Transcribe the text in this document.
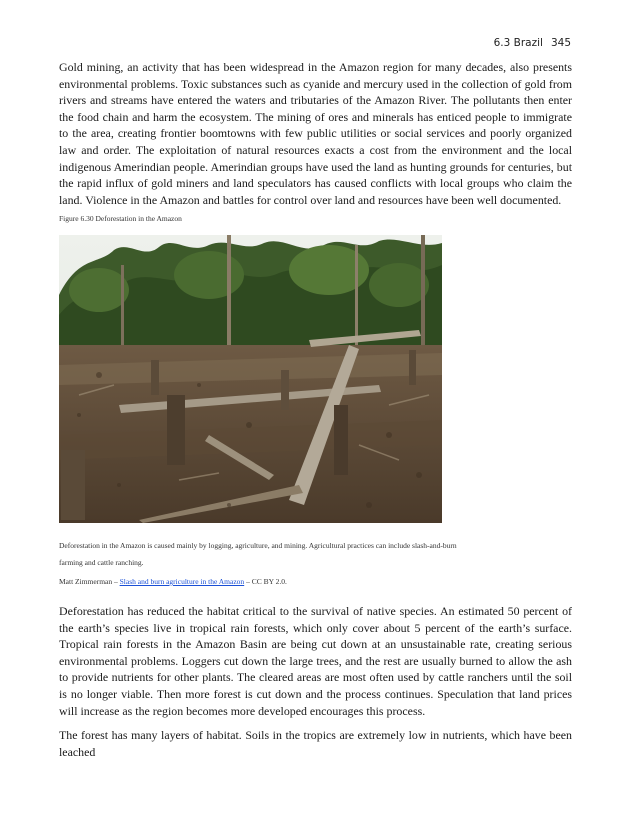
6.3 Brazil 345

Gold mining, an activity that has been widespread in the Amazon region for many decades, also presents environmental problems. Toxic substances such as cyanide and mercury used in the collection of gold from rivers and streams have entered the waters and tributaries of the Amazon River. The pollutants then enter the food chain and harm the ecosystem. The mining of ores and minerals has enticed people to immigrate to the area, creating frontier boomtowns with few public utilities or social services and poorly organized law and order. The exploitation of natural resources exacts a cost from the environment and the local indigenous Amerindian people. Amerindian groups have used the land as hunting grounds for centuries, but the rapid influx of gold miners and land speculators has caused conflicts with local groups who claim the land. Violence in the Amazon and battles for control over land and resources have been well documented.

Figure 6.30 Deforestation in the Amazon

Deforestation in the Amazon is caused mainly by logging, agriculture, and mining. Agricultural practices can include slash-and-burn farming and cattle ranching.

Matt Zimmerman – Slash and burn agriculture in the Amazon – CC BY 2.0.

Deforestation has reduced the habitat critical to the survival of native species. An estimated 50 percent of the earth’s species live in tropical rain forests, which only cover about 5 percent of the earth’s surface. Tropical rain forests in the Amazon Basin are being cut down at an unsustainable rate, creating serious environmental problems. Loggers cut down the large trees, and the rest are usually burned to allow the ash to provide nutrients for other plants. The cleared areas are most often used by cattle ranchers until the soil is no longer viable. Then more forest is cut down and the process continues. Speculation that land prices will increase as the region becomes more developed encourages this process.

The forest has many layers of habitat. Soils in the tropics are extremely low in nutrients, which have been leached
